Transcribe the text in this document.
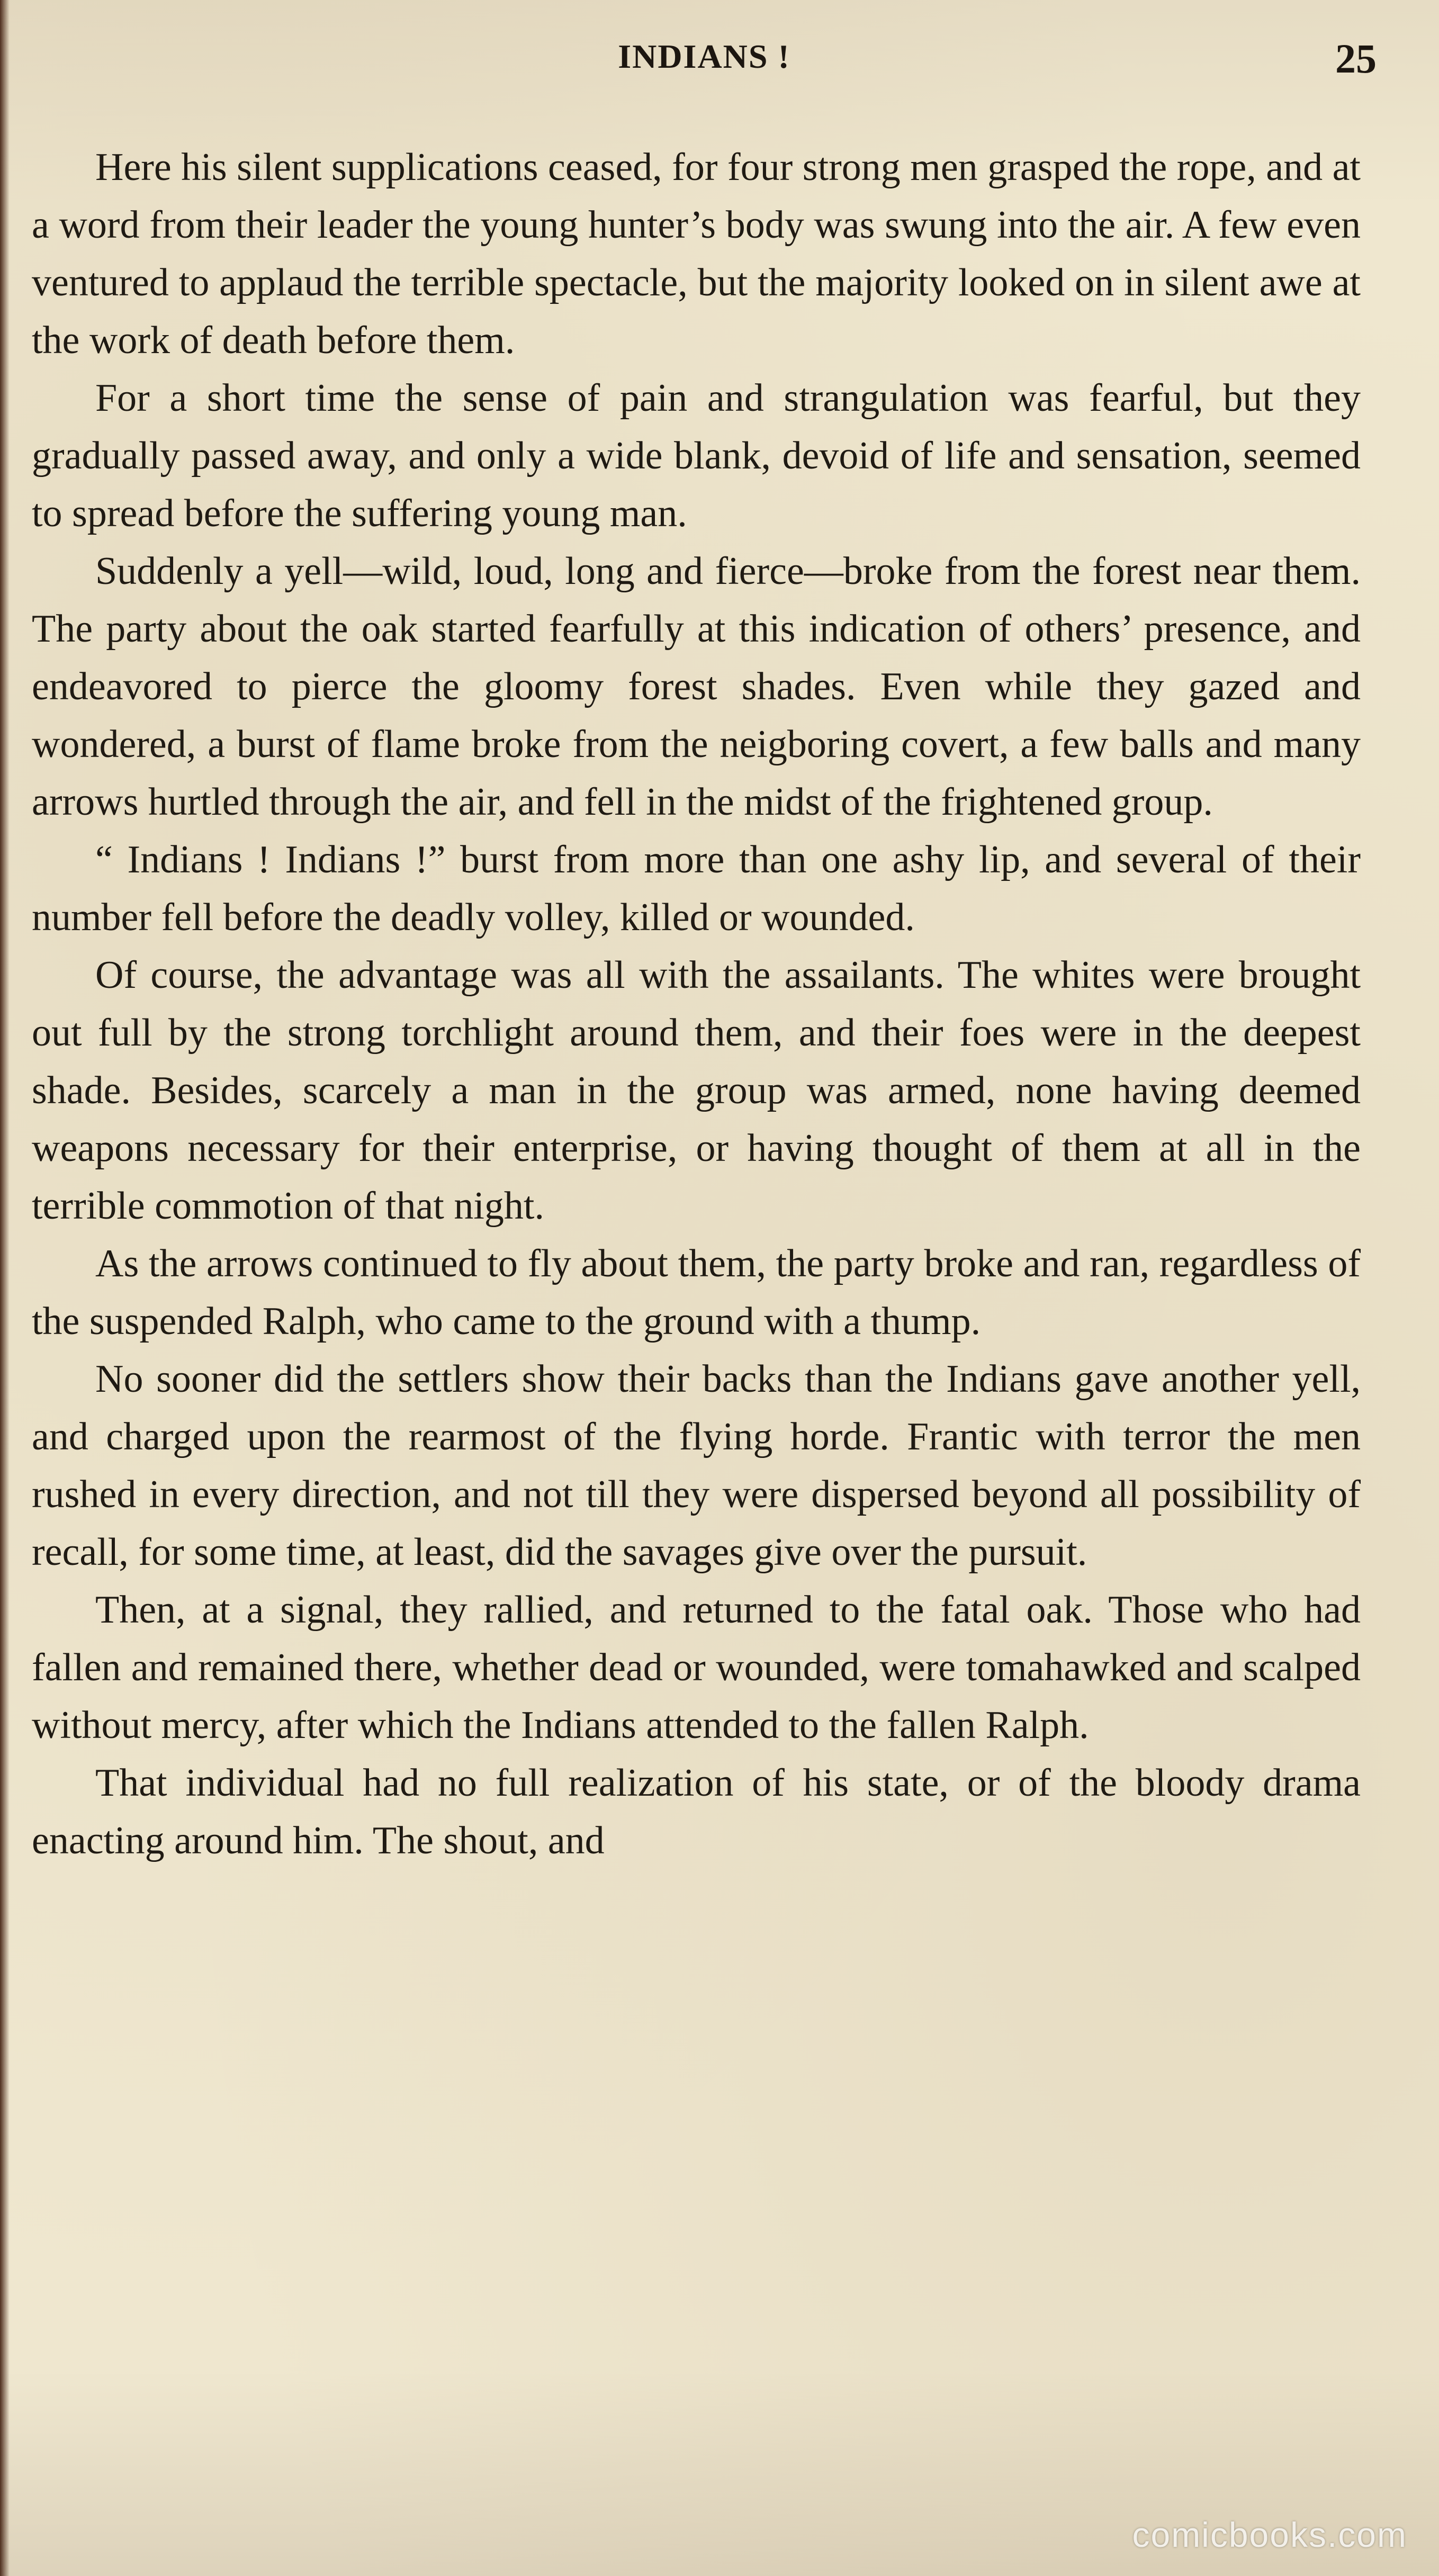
INDIANS !	25

Here his silent supplications ceased, for four strong men grasped the rope, and at a word from their leader the young hunter’s body was swung into the air. A few even ventured to applaud the terrible spectacle, but the majority looked on in silent awe at the work of death before them.

For a short time the sense of pain and strangulation was fearful, but they gradually passed away, and only a wide blank, devoid of life and sensation, seemed to spread before the suffering young man.

Suddenly a yell—wild, loud, long and fierce—broke from the forest near them. The party about the oak started fearfully at this indication of others’ presence, and endeavored to pierce the gloomy forest shades. Even while they gazed and wondered, a burst of flame broke from the neigboring covert, a few balls and many arrows hurtled through the air, and fell in the midst of the frightened group.

“ Indians ! Indians !” burst from more than one ashy lip, and several of their number fell before the deadly volley, killed or wounded.

Of course, the advantage was all with the assailants. The whites were brought out full by the strong torchlight around them, and their foes were in the deepest shade. Besides, scarcely a man in the group was armed, none having deemed weapons necessary for their enterprise, or having thought of them at all in the terrible commotion of that night.

As the arrows continued to fly about them, the party broke and ran, regardless of the suspended Ralph, who came to the ground with a thump.

No sooner did the settlers show their backs than the Indians gave another yell, and charged upon the rearmost of the flying horde. Frantic with terror the men rushed in every direction, and not till they were dispersed beyond all possibility of recall, for some time, at least, did the savages give over the pursuit.

Then, at a signal, they rallied, and returned to the fatal oak. Those who had fallen and remained there, whether dead or wounded, were tomahawked and scalped without mercy, after which the Indians attended to the fallen Ralph.

That individual had no full realization of his state, or of the bloody drama enacting around him. The shout, and

comicbooks.com
